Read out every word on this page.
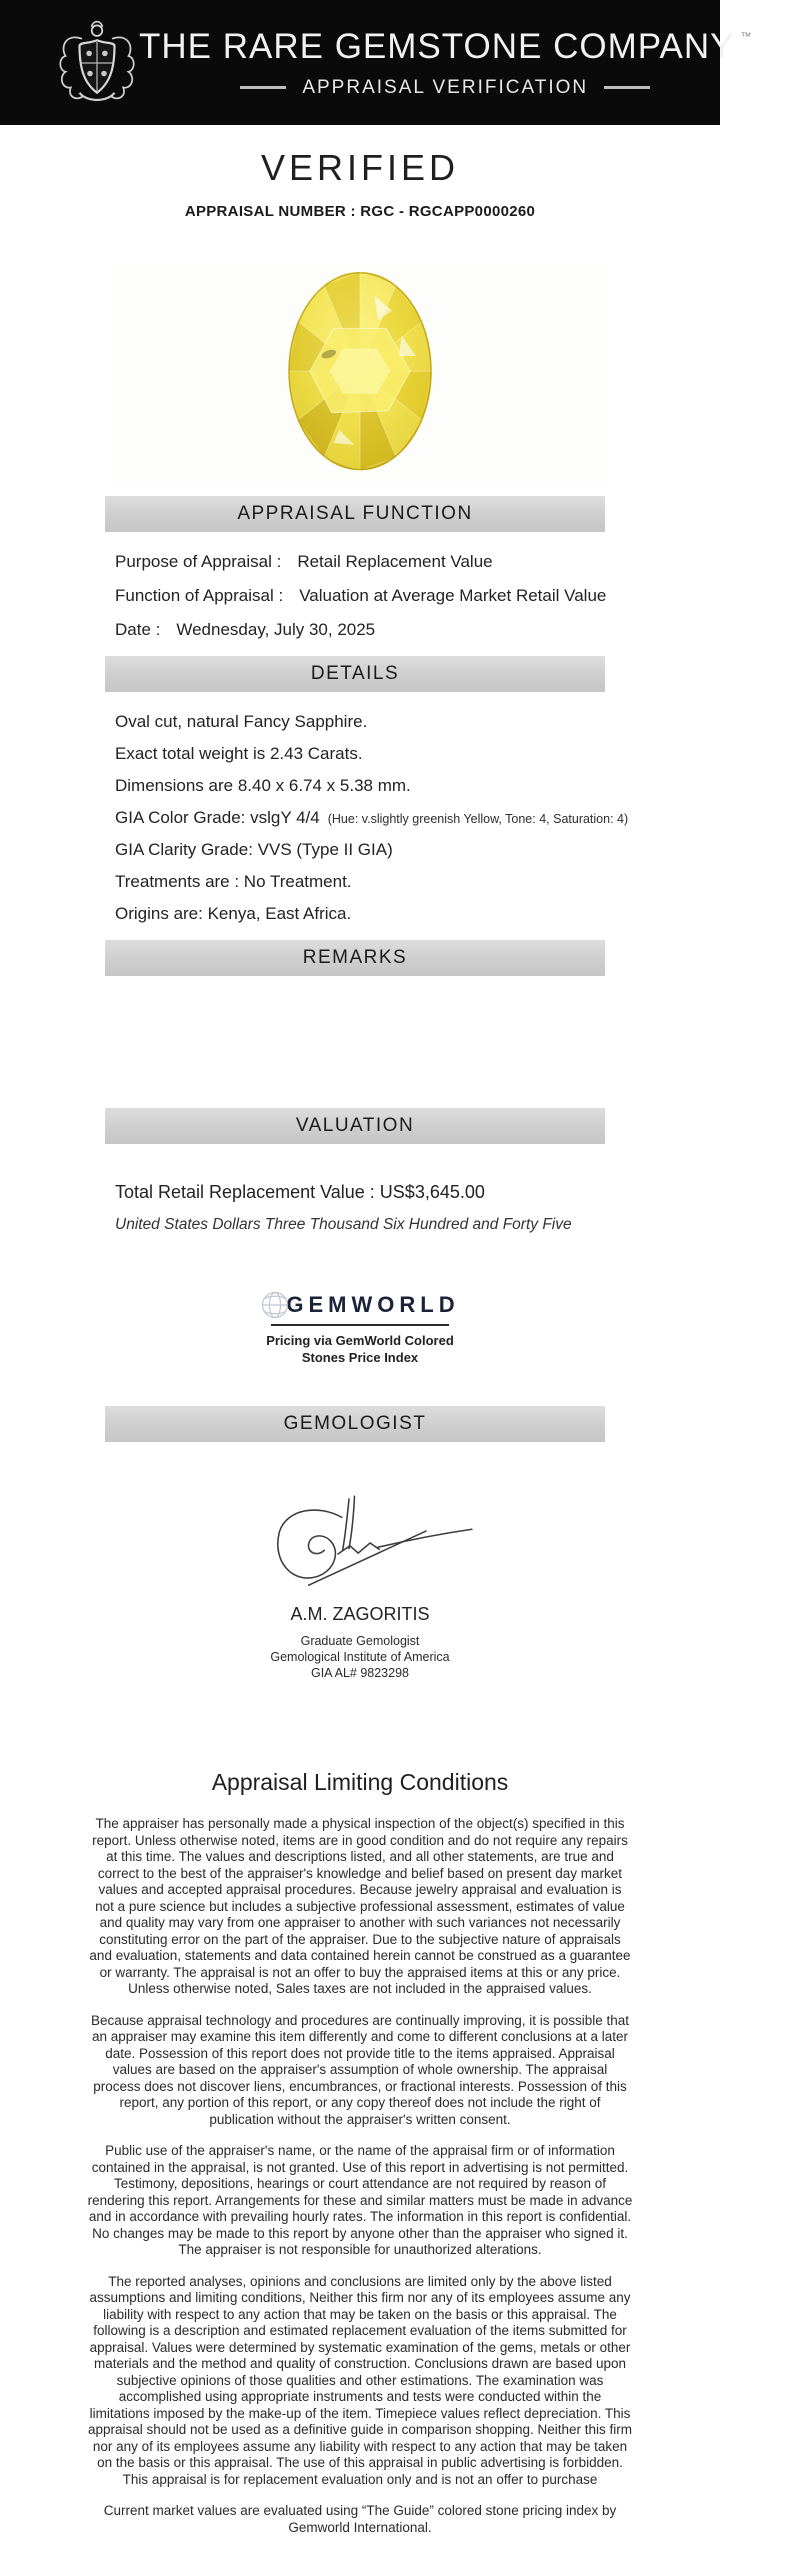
THE RARE GEMSTONE COMPANY ™
APPRAISAL VERIFICATION
VERIFIED
APPRAISAL NUMBER : RGC - RGCAPP0000260
APPRAISAL FUNCTION
Purpose of Appraisal : Retail Replacement Value
Function of Appraisal : Valuation at Average Market Retail Value
Date : Wednesday, July 30, 2025
DETAILS
Oval cut, natural Fancy Sapphire.
Exact total weight is 2.43 Carats.
Dimensions are 8.40 x 6.74 x 5.38 mm.
GIA Color Grade: vslgY 4/4 (Hue: v.slightly greenish Yellow, Tone: 4, Saturation: 4)
GIA Clarity Grade: VVS (Type II GIA)
Treatments are : No Treatment.
Origins are: Kenya, East Africa.
REMARKS
VALUATION
Total Retail Replacement Value : US$3,645.00
United States Dollars Three Thousand Six Hundred and Forty Five
GEMWORLD
Pricing via GemWorld Colored
Stones Price Index
GEMOLOGIST
A.M. ZAGORITIS
Graduate Gemologist
Gemological Institute of America
GIA AL# 9823298
Appraisal Limiting Conditions

The appraiser has personally made a physical inspection of the object(s) specified in this report. Unless otherwise noted, items are in good condition and do not require any repairs at this time. The values and descriptions listed, and all other statements, are true and correct to the best of the appraiser's knowledge and belief based on present day market values and accepted appraisal procedures. Because jewelry appraisal and evaluation is not a pure science but includes a subjective professional assessment, estimates of value and quality may vary from one appraiser to another with such variances not necessarily constituting error on the part of the appraiser. Due to the subjective nature of appraisals and evaluation, statements and data contained herein cannot be construed as a guarantee or warranty. The appraisal is not an offer to buy the appraised items at this or any price. Unless otherwise noted, Sales taxes are not included in the appraised values.

Because appraisal technology and procedures are continually improving, it is possible that an appraiser may examine this item differently and come to different conclusions at a later date. Possession of this report does not provide title to the items appraised. Appraisal values are based on the appraiser's assumption of whole ownership. The appraisal process does not discover liens, encumbrances, or fractional interests. Possession of this report, any portion of this report, or any copy thereof does not include the right of publication without the appraiser's written consent.

Public use of the appraiser's name, or the name of the appraisal firm or of information contained in the appraisal, is not granted. Use of this report in advertising is not permitted. Testimony, depositions, hearings or court attendance are not required by reason of rendering this report. Arrangements for these and similar matters must be made in advance and in accordance with prevailing hourly rates. The information in this report is confidential. No changes may be made to this report by anyone other than the appraiser who signed it. The appraiser is not responsible for unauthorized alterations.

The reported analyses, opinions and conclusions are limited only by the above listed assumptions and limiting conditions, Neither this firm nor any of its employees assume any liability with respect to any action that may be taken on the basis or this appraisal. The following is a description and estimated replacement evaluation of the items submitted for appraisal. Values were determined by systematic examination of the gems, metals or other materials and the method and quality of construction. Conclusions drawn are based upon subjective opinions of those qualities and other estimations. The examination was accomplished using appropriate instruments and tests were conducted within the limitations imposed by the make-up of the item. Timepiece values reflect depreciation. This appraisal should not be used as a definitive guide in comparison shopping. Neither this firm nor any of its employees assume any liability with respect to any action that may be taken on the basis or this appraisal. The use of this appraisal in public advertising is forbidden. This appraisal is for replacement evaluation only and is not an offer to purchase

Current market values are evaluated using “The Guide” colored stone pricing index by Gemworld International.
